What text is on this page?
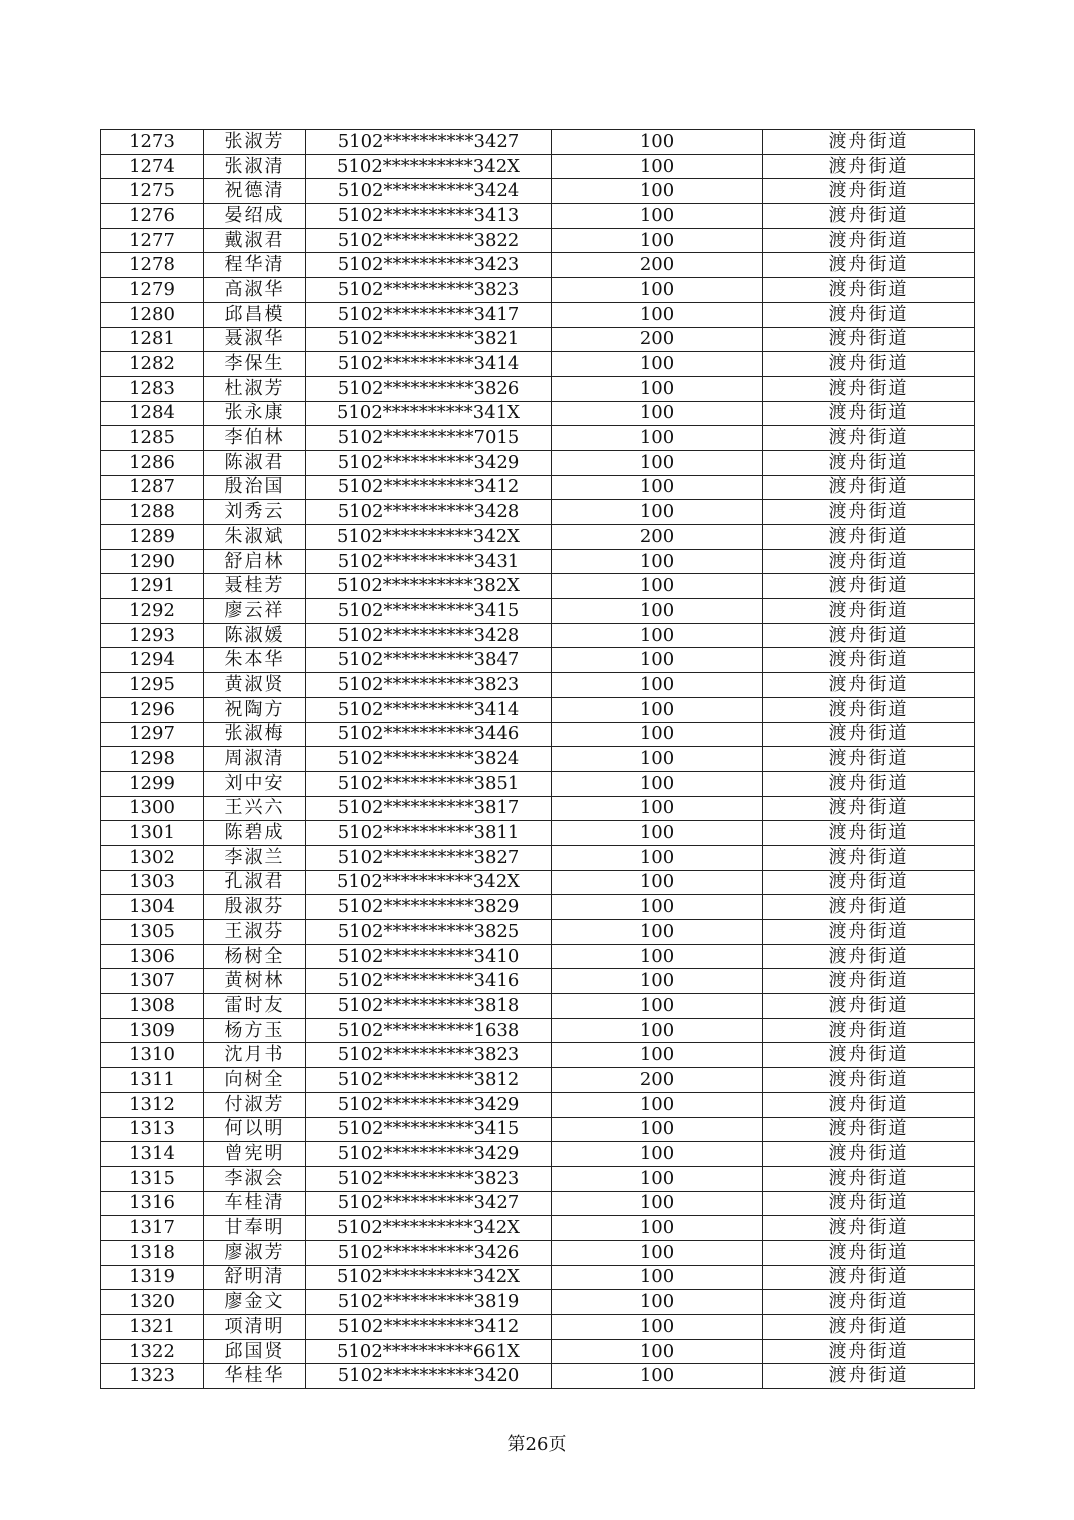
1273	张淑芳	5102**********3427	100	渡舟街道
1274	张淑清	5102**********342X	100	渡舟街道
1275	祝德清	5102**********3424	100	渡舟街道
1276	晏绍成	5102**********3413	100	渡舟街道
1277	戴淑君	5102**********3822	100	渡舟街道
1278	程华清	5102**********3423	200	渡舟街道
1279	高淑华	5102**********3823	100	渡舟街道
1280	邱昌模	5102**********3417	100	渡舟街道
1281	聂淑华	5102**********3821	200	渡舟街道
1282	李保生	5102**********3414	100	渡舟街道
1283	杜淑芳	5102**********3826	100	渡舟街道
1284	张永康	5102**********341X	100	渡舟街道
1285	李伯林	5102**********7015	100	渡舟街道
1286	陈淑君	5102**********3429	100	渡舟街道
1287	殷治国	5102**********3412	100	渡舟街道
1288	刘秀云	5102**********3428	100	渡舟街道
1289	朱淑斌	5102**********342X	200	渡舟街道
1290	舒启林	5102**********3431	100	渡舟街道
1291	聂桂芳	5102**********382X	100	渡舟街道
1292	廖云祥	5102**********3415	100	渡舟街道
1293	陈淑媛	5102**********3428	100	渡舟街道
1294	朱本华	5102**********3847	100	渡舟街道
1295	黄淑贤	5102**********3823	100	渡舟街道
1296	祝陶方	5102**********3414	100	渡舟街道
1297	张淑梅	5102**********3446	100	渡舟街道
1298	周淑清	5102**********3824	100	渡舟街道
1299	刘中安	5102**********3851	100	渡舟街道
1300	王兴六	5102**********3817	100	渡舟街道
1301	陈碧成	5102**********3811	100	渡舟街道
1302	李淑兰	5102**********3827	100	渡舟街道
1303	孔淑君	5102**********342X	100	渡舟街道
1304	殷淑芬	5102**********3829	100	渡舟街道
1305	王淑芬	5102**********3825	100	渡舟街道
1306	杨树全	5102**********3410	100	渡舟街道
1307	黄树林	5102**********3416	100	渡舟街道
1308	雷时友	5102**********3818	100	渡舟街道
1309	杨方玉	5102**********1638	100	渡舟街道
1310	沈月书	5102**********3823	100	渡舟街道
1311	向树全	5102**********3812	200	渡舟街道
1312	付淑芳	5102**********3429	100	渡舟街道
1313	何以明	5102**********3415	100	渡舟街道
1314	曾宪明	5102**********3429	100	渡舟街道
1315	李淑会	5102**********3823	100	渡舟街道
1316	车桂清	5102**********3427	100	渡舟街道
1317	甘奉明	5102**********342X	100	渡舟街道
1318	廖淑芳	5102**********3426	100	渡舟街道
1319	舒明清	5102**********342X	100	渡舟街道
1320	廖金文	5102**********3819	100	渡舟街道
1321	项清明	5102**********3412	100	渡舟街道
1322	邱国贤	5102**********661X	100	渡舟街道
1323	华桂华	5102**********3420	100	渡舟街道
第26页
